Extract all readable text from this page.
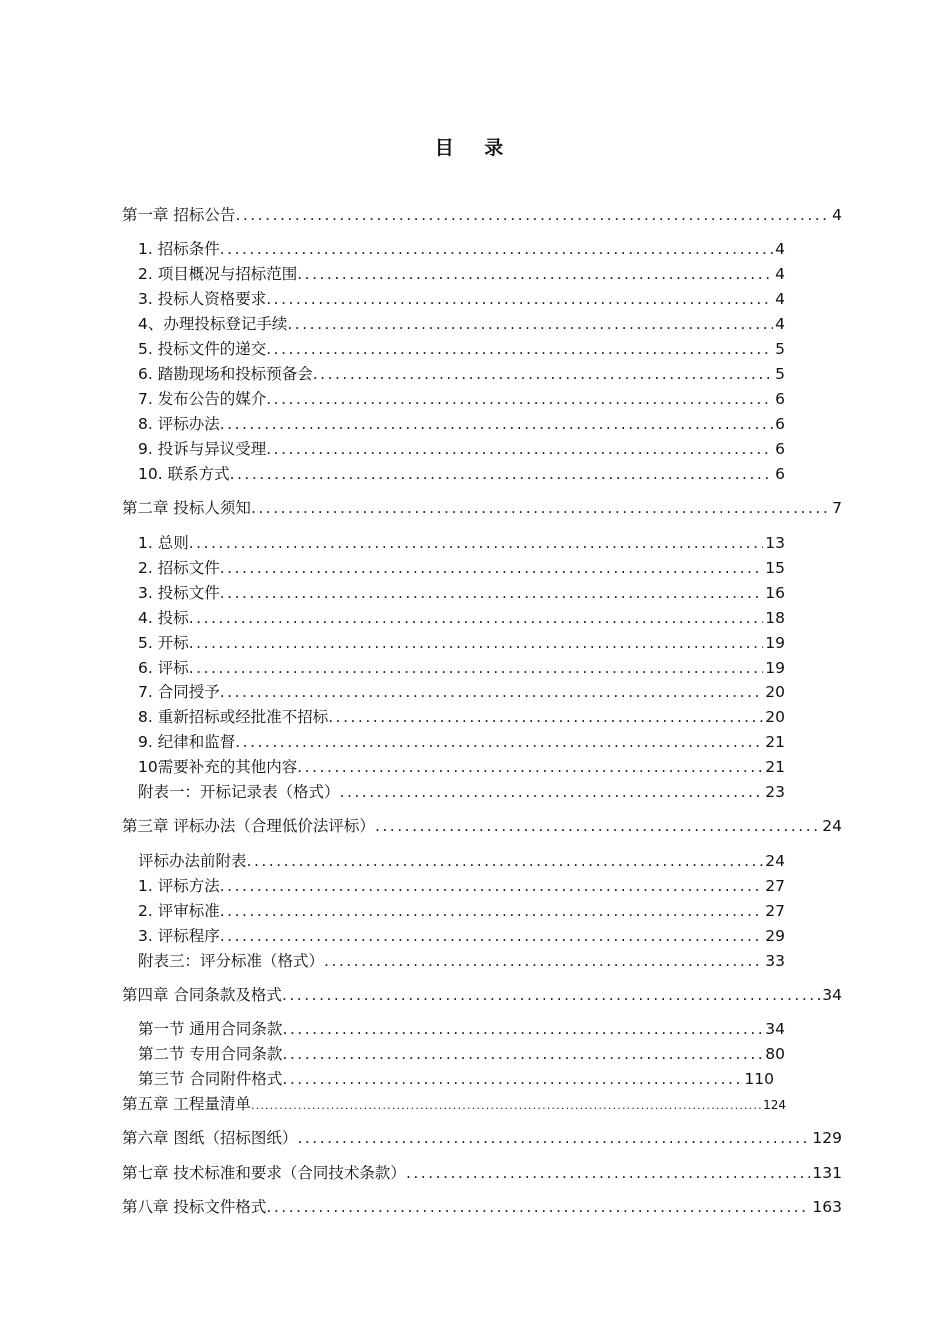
目 录
第一章 招标公告 .....	4
1. 招标条件 .....	4
2. 项目概况与招标范围 .....	4
3. 投标人资格要求 .....	4
4、办理投标登记手续 .....	4
5. 投标文件的递交 .....	5
6. 踏勘现场和投标预备会 .....	5
7. 发布公告的媒介 .....	6
8. 评标办法 .....	6
9. 投诉与异议受理 .....	6
10. 联系方式 .....	6
第二章 投标人须知 .....	7
1. 总则 .....	13
2. 招标文件 .....	15
3. 投标文件 .....	16
4. 投标 .....	18
5. 开标 .....	19
6. 评标 .....	19
7. 合同授予 .....	20
8. 重新招标或经批准不招标 .....	20
9. 纪律和监督 .....	21
10需要补充的其他内容 .....	21
附表一：开标记录表（格式） .....	23
第三章 评标办法（合理低价法评标） .....	24
评标办法前附表 .....	24
1. 评标方法 .....	27
2. 评审标准 .....	27
3. 评标程序 .....	29
附表三：评分标准（格式） .....	33
第四章 合同条款及格式 .....	34
第一节 通用合同条款 .....	34
第二节 专用合同条款 .....	80
第三节 合同附件格式 .....	110
第五章 工程量清单 .....	124
第六章 图纸（招标图纸） .....	129
第七章 技术标准和要求（合同技术条款） .....	131
第八章 投标文件格式 .....	163
